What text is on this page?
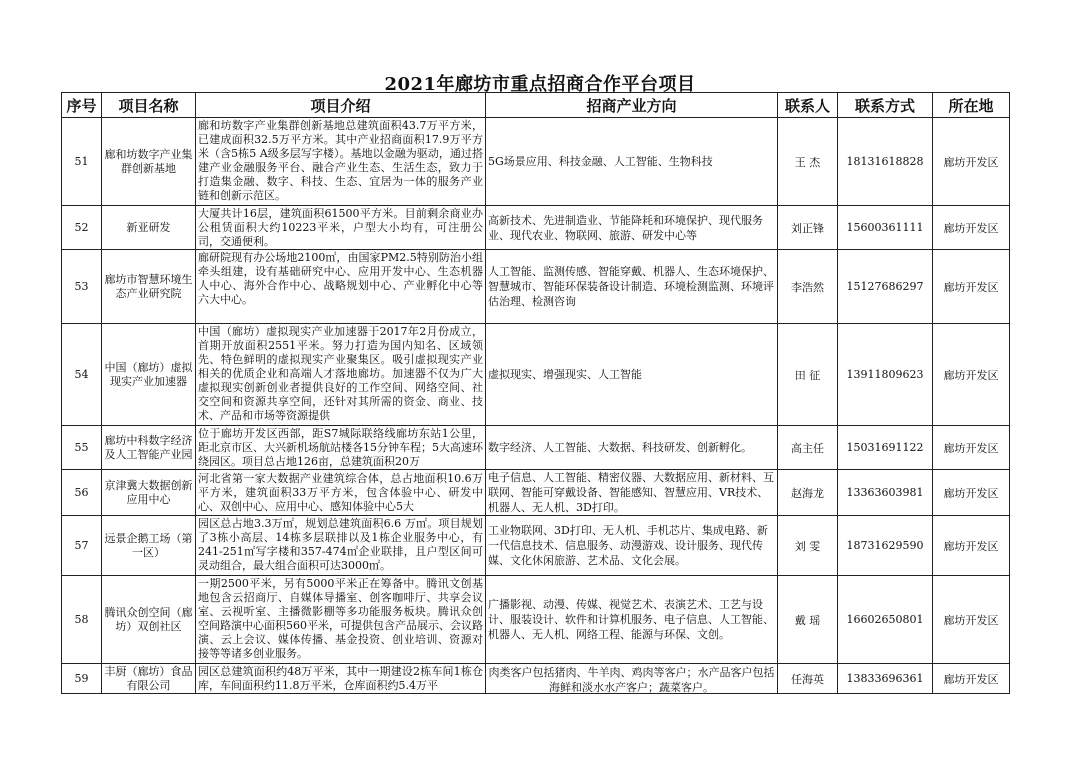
2021年廊坊市重点招商合作平台项目
序号	项目名称	项目介绍	招商产业方向	联系人	联系方式	所在地
51	廊和坊数字产业集群创新基地	廊和坊数字产业集群创新基地总建筑面积43.7万平方米，已建成面积32.5万平方米。其中产业招商面积17.9万平方米（含5栋5 A级多层写字楼）。基地以金融为驱动，通过搭建产业金融服务平台、融合产业生态、生活生态，致力于打造集金融、数字、科技、生态、宜居为一体的服务产业链和创新示范区。	5G场景应用、科技金融、人工智能、生物科技	王 杰	18131618828	廊坊开发区
52	新亚研发	大厦共计16层，建筑面积61500平方米。目前剩余商业办公租赁面积大约10223平米，户型大小均有，可注册公司，交通便利。	高新技术、先进制造业、节能降耗和环境保护、现代服务业、现代农业、物联网、旅游、研发中心等	刘正锋	15600361111	廊坊开发区
53	廊坊市智慧环境生态产业研究院	廊研院现有办公场地2100㎡，由国家PM2.5特别防治小组牵头组建，设有基础研究中心、应用开发中心、生态机器人中心、海外合作中心、战略规划中心、产业孵化中心等六大中心。	人工智能、监测传感、智能穿戴、机器人、生态环境保护、智慧城市、智能环保装备设计制造、环境检测监测、环境评估治理、检测咨询	李浩然	15127686297	廊坊开发区
54	中国（廊坊）虚拟现实产业加速器	中国（廊坊）虚拟现实产业加速器于2017年2月份成立，首期开放面积2551平米。努力打造为国内知名、区域领先、特色鲜明的虚拟现实产业聚集区。吸引虚拟现实产业相关的优质企业和高端人才落地廊坊。加速器不仅为广大虚拟现实创新创业者提供良好的工作空间、网络空间、社交空间和资源共享空间，还针对其所需的资金、商业、技术、产品和市场等资源提供	虚拟现实、增强现实、人工智能	田 征	13911809623	廊坊开发区
55	廊坊中科数字经济及人工智能产业园	位于廊坊开发区西部，距S7城际联络线廊坊东站1公里，距北京市区、大兴新机场航站楼各15分钟车程；5大高速环绕园区。项目总占地126亩，总建筑面积20万	数字经济、人工智能、大数据、科技研发、创新孵化。	高主任	15031691122	廊坊开发区
56	京津冀大数据创新应用中心	河北省第一家大数据产业建筑综合体，总占地面积10.6万平方米，建筑面积33万平方米，包含体验中心、研发中心、双创中心、应用中心、感知体验中心5大	电子信息、人工智能、精密仪器、大数据应用、新材料、互联网、智能可穿戴设备、智能感知、智慧应用、VR技术、机器人、无人机、3D打印。	赵海龙	13363603981	廊坊开发区
57	远景企鹅工场（第一区）	园区总占地3.3万㎡，规划总建筑面积6.6 万㎡。项目规划了3栋小高层、14栋多层联排以及1栋企业服务中心，有241-251㎡写字楼和357-474㎡企业联排，且户型区间可灵动组合，最大组合面积可达3000㎡。	工业物联网、3D打印、无人机、手机芯片、集成电路、新一代信息技术、信息服务、动漫游戏、设计服务、现代传媒、文化休闲旅游、艺术品、文化会展。	刘 雯	18731629590	廊坊开发区
58	腾讯众创空间（廊坊）双创社区	一期2500平米，另有5000平米正在筹备中。腾讯文创基地包含云招商厅、自媒体导播室、创客咖啡厅、共享会议室、云视听室、主播微影棚等多功能服务板块。腾讯众创空间路演中心面积560平米，可提供包含产品展示、会议路演、云上会议、媒体传播、基金投资、创业培训、资源对接等等诸多创业服务。	广播影视、动漫、传媒、视觉艺术、表演艺术、工艺与设计、服装设计、软件和计算机服务、电子信息、人工智能、机器人、无人机、网络工程、能源与环保、文创。	戴 瑶	16602650801	廊坊开发区
59	丰厨（廊坊）食品有限公司	园区总建筑面积约48万平米，其中一期建设2栋车间1栋仓库，车间面积约11.8万平米，仓库面积约5.4万平	肉类客户包括猪肉、牛羊肉、鸡肉等客户；水产品客户包括海鲜和淡水水产客户；蔬菜客户。	任海英	13833696361	廊坊开发区
